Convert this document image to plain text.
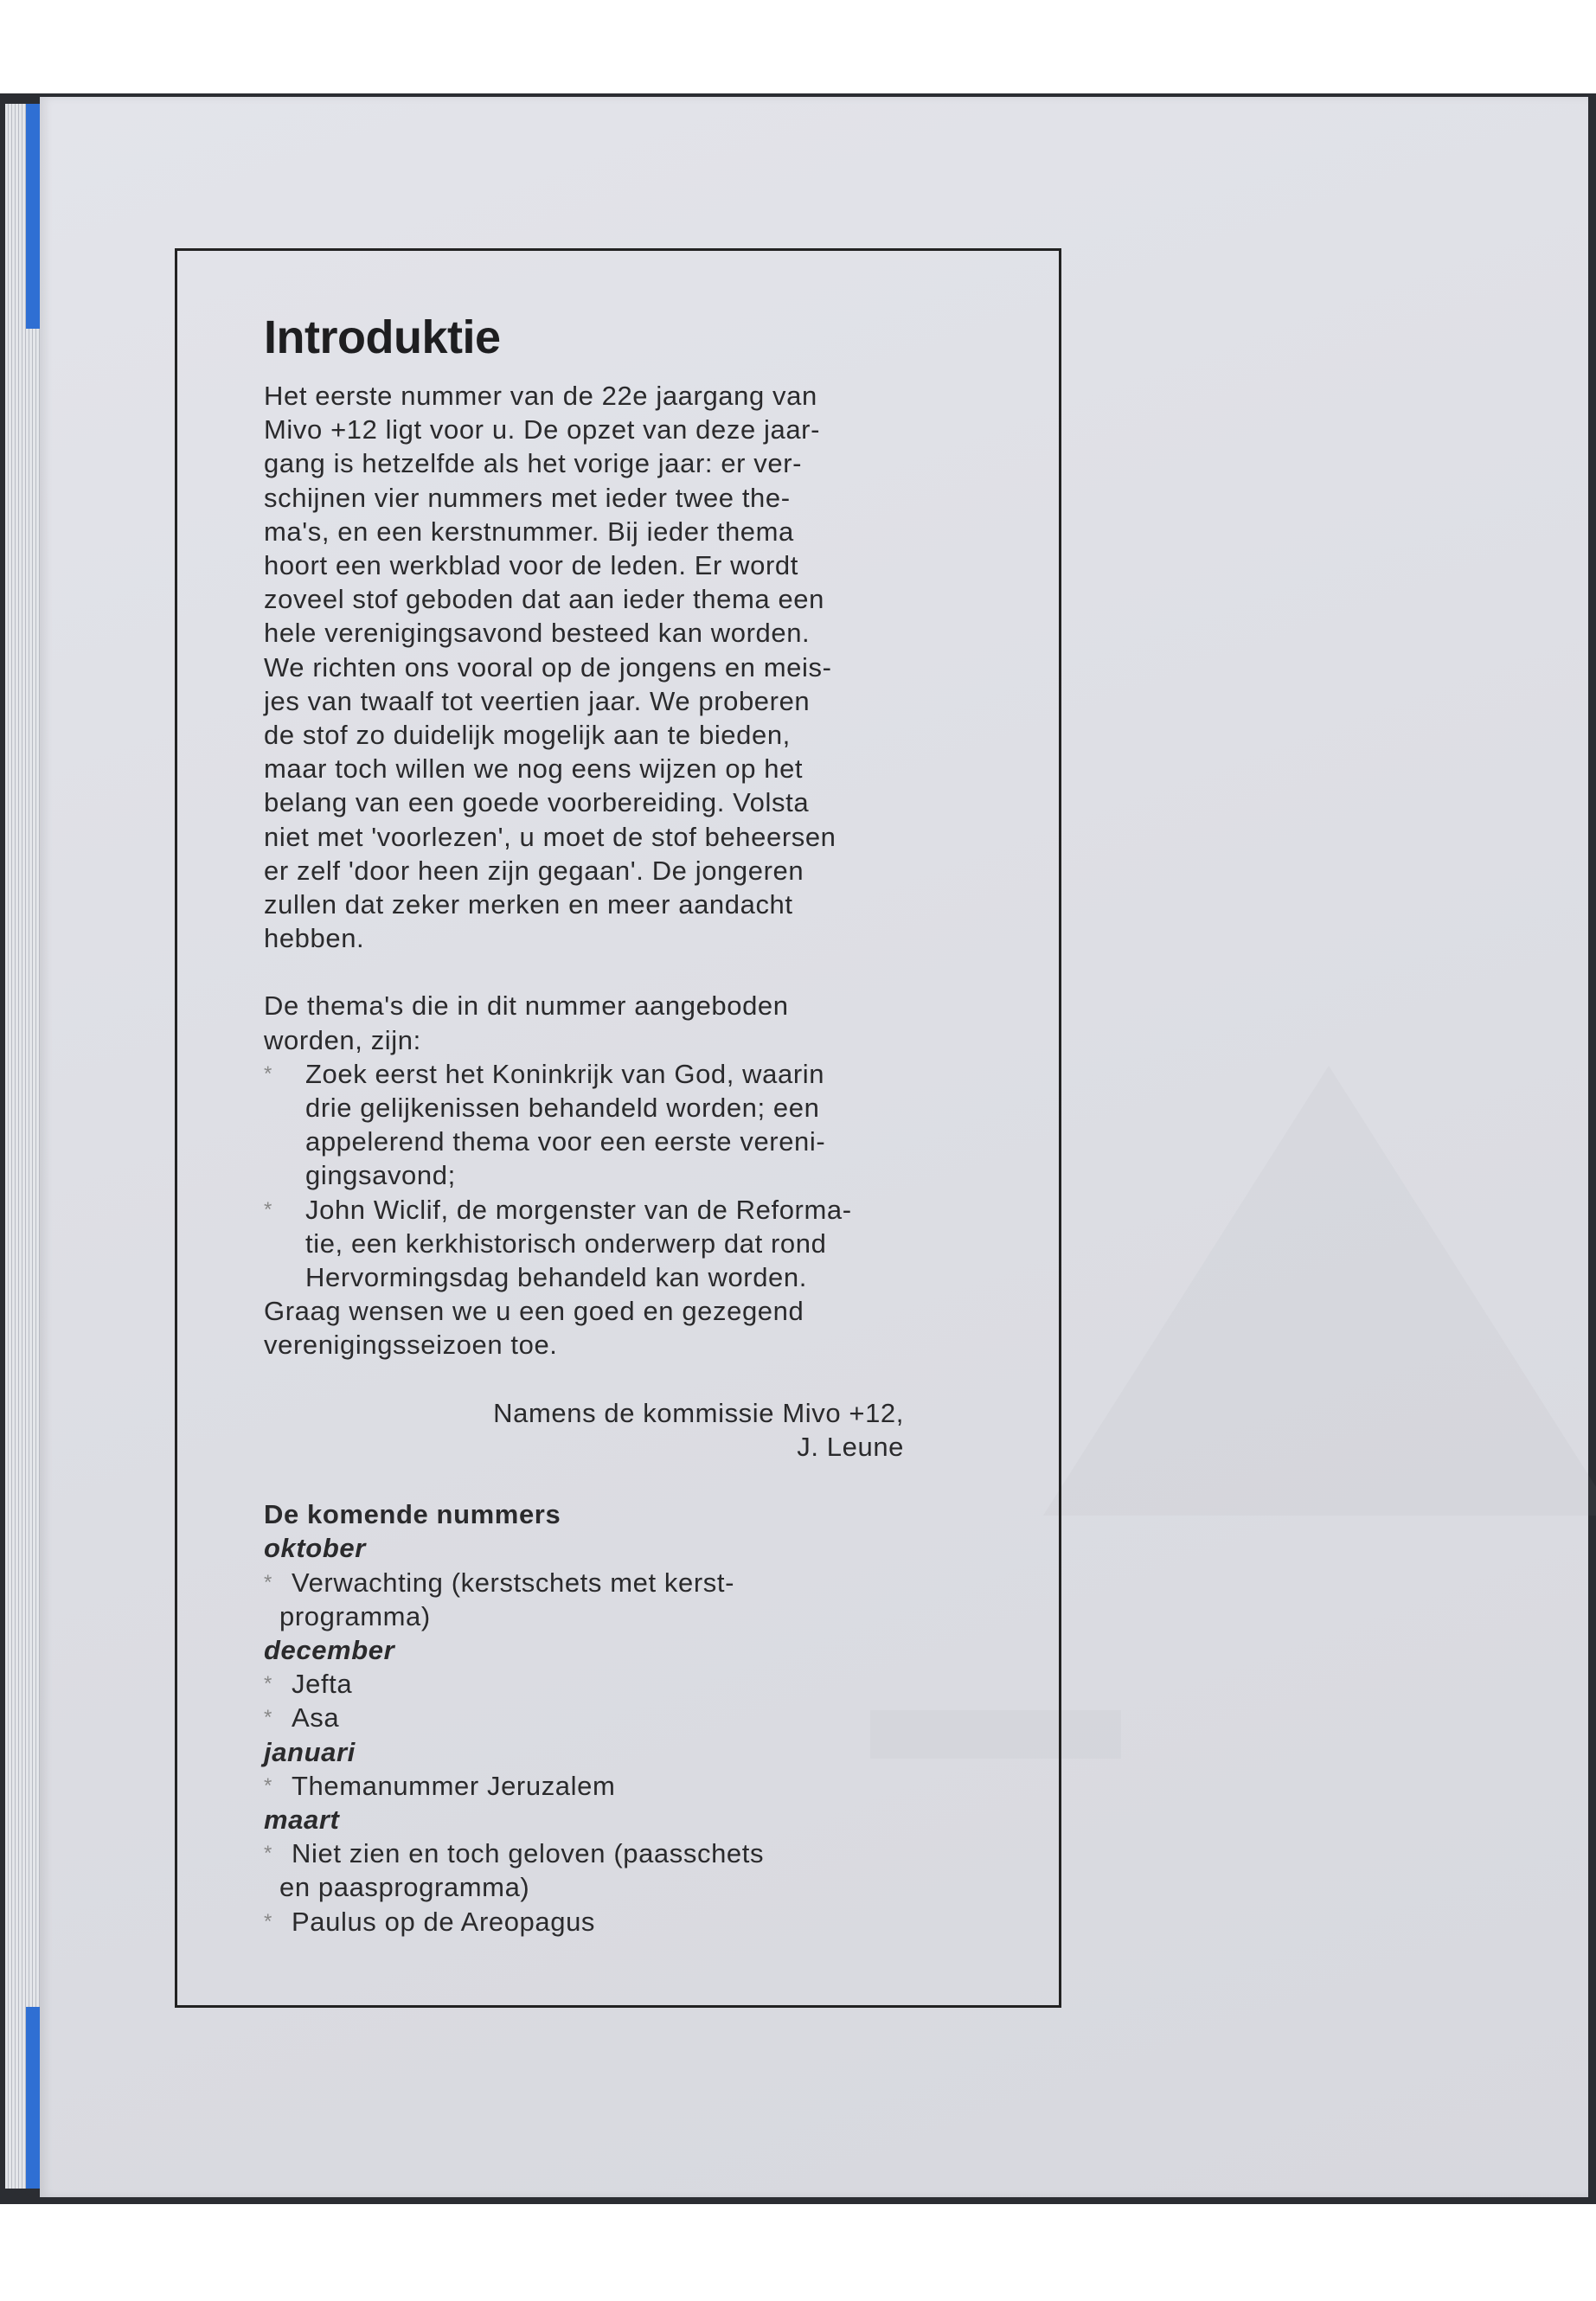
Introduktie

Het eerste nummer van de 22e jaargang van

Mivo +12 ligt voor u. De opzet van deze jaar-

gang is hetzelfde als het vorige jaar: er ver-

schijnen vier nummers met ieder twee the-

ma's, en een kerstnummer. Bij ieder thema

hoort een werkblad voor de leden. Er wordt

zoveel stof geboden dat aan ieder thema een

hele verenigingsavond besteed kan worden.

We richten ons vooral op de jongens en meis-

jes van twaalf tot veertien jaar. We proberen

de stof zo duidelijk mogelijk aan te bieden,

maar toch willen we nog eens wijzen op het

belang van een goede voorbereiding. Volsta

niet met 'voorlezen', u moet de stof beheersen

er zelf 'door heen zijn gegaan'. De jongeren

zullen dat zeker merken en meer aandacht

hebben.

De thema's die in dit nummer aangeboden

worden, zijn:

* Zoek eerst het Koninkrijk van God, waarin

drie gelijkenissen behandeld worden; een

appelerend thema voor een eerste vereni-

gingsavond;

* John Wiclif, de morgenster van de Reforma-

tie, een kerkhistorisch onderwerp dat rond

Hervormingsdag behandeld kan worden.

Graag wensen we u een goed en gezegend

verenigingsseizoen toe.

Namens de kommissie Mivo +12,

J. Leune

De komende nummers

oktober

* Verwachting (kerstschets met kerst-

programma)

december

* Jefta
* Asa

januari

* Themanummer Jeruzalem

maart

* Niet zien en toch geloven (paasschets

en paasprogramma)

* Paulus op de Areopagus
